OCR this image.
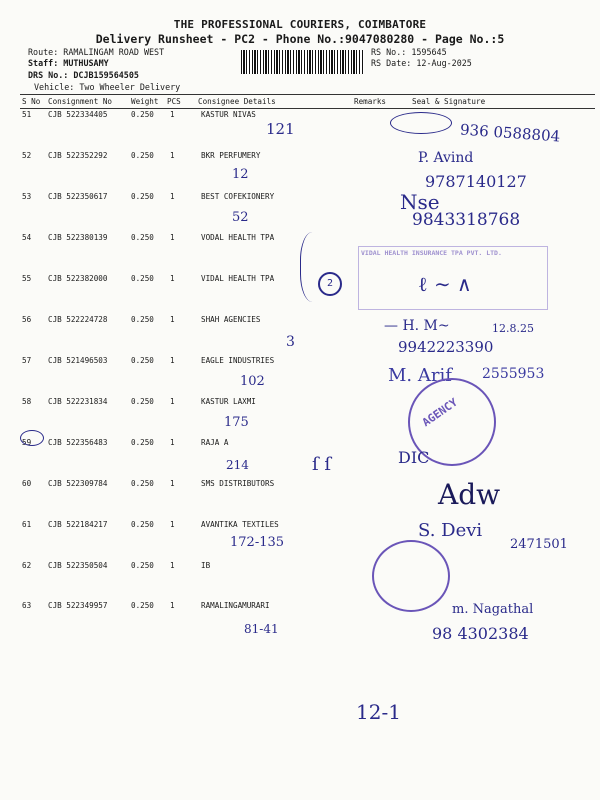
THE PROFESSIONAL COURIERS, COIMBATORE
Delivery Runsheet - PC2 - Phone No.:9047080280 - Page No.:5
Route: RAMALINGAM ROAD WEST
Staff: MUTHUSAMY
DRS No.: DCJB159564505
Vehicle: Two Wheeler Delivery
RS No.: 1595645
RS Date: 12-Aug-2025
S No Consignment No Weight PCS Consignee Details	Remarks	Seal & Signature
51 CJB 522334405	0.250 1	KASTUR NIVAS
52 CJB 522352292	0.250 1	BKR PERFUMERY
53 CJB 522350617	0.250 1	BEST COFEKIONERY
54 CJB 522380139	0.250 1	VODAL HEALTH TPA
55 CJB 522382000	0.250 1	VIDAL HEALTH TPA
56 CJB 522224728	0.250 1	SHAH AGENCIES
57 CJB 521496503	0.250 1	EAGLE INDUSTRIES
58 CJB 522231834	0.250 1	KASTUR LAXMI
59 CJB 522356483	0.250 1	RAJA A
60 CJB 522309784	0.250 1	SMS DISTRIBUTORS
61 CJB 522184217	0.250 1	AVANTIKA TEXTILES
62 CJB 522350504	0.250 1	IB
63 CJB 522349957	0.250 1	RAMALINGAMURARI
121	936 0588804
12
P. Avind
9787140127
52
Nse
9843318768
2
VIDAL HEALTH INSURANCE TPA PVT. LTD.
ℓ ∼ ∧
3
— H. M~	12.8.25
9942223390
M. Arif 2555953
102
175	AGENCY
214	ſ ſ	DIC
Adw
172-135
S. Devi
2471501
m. Nagathal
98 4302384
81-41
12-1
